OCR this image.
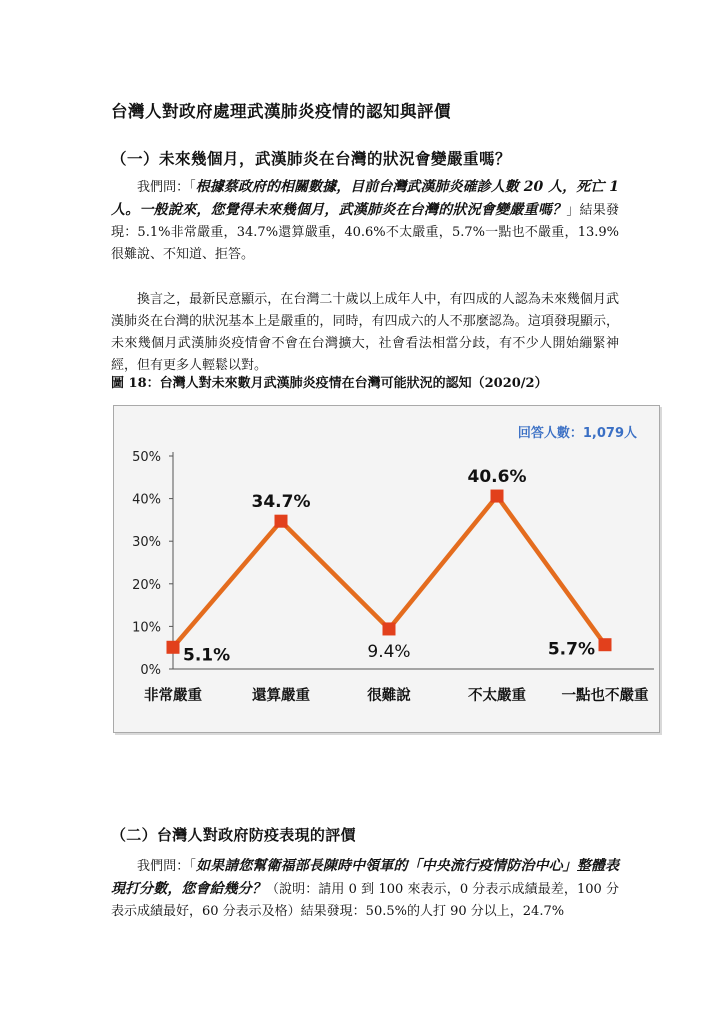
台灣人對政府處理武漢肺炎疫情的認知與評價
（一）未來幾個月，武漢肺炎在台灣的狀況會變嚴重嗎？

我們問：「根據蔡政府的相關數據，目前台灣武漢肺炎確診人數 20 人，死亡 1 人。一般說來，您覺得未來幾個月，武漢肺炎在台灣的狀況會變嚴重嗎？」結果發現：5.1%非常嚴重，34.7%還算嚴重，40.6%不太嚴重，5.7%一點也不嚴重，13.9%很難說、不知道、拒答。

換言之，最新民意顯示，在台灣二十歲以上成年人中，有四成的人認為未來幾個月武漢肺炎在台灣的狀況基本上是嚴重的，同時，有四成六的人不那麼認為。這項發現顯示，未來幾個月武漢肺炎疫情會不會在台灣擴大，社會看法相當分歧，有不少人開始繃緊神經，但有更多人輕鬆以對。

圖 18：台灣人對未來數月武漢肺炎疫情在台灣可能狀況的認知（2020/2）

0%
10%
20%
30%
40%
50%
非常嚴重	還算嚴重	很難說	不太嚴重 一點也不嚴重
5.1%
34.7%
9.4%
40.6%
5.7%
回答人數：1,079人
（二）台灣人對政府防疫表現的評價

我們問：「如果請您幫衛福部長陳時中領軍的「中央流行疫情防治中心」整體表現打分數，您會給幾分？（說明：請用 0 到 100 來表示，0 分表示成績最差，100 分表示成績最好，60 分表示及格）結果發現：50.5%的人打 90 分以上，24.7%
